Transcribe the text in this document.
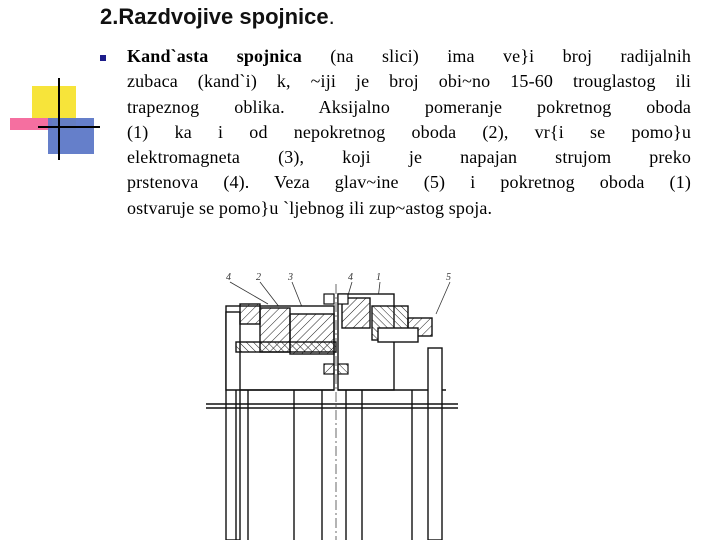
2.Razdvojive spojnice.
Kand`asta spojnica (na slici) ima ve}i broj radijalnih
zubaca (kand`i) k, ~iji je broj obi~no 15-60 trouglastog ili
trapeznog oblika. Aksijalno pomeranje pokretnog oboda
(1) ka i od nepokretnog oboda (2), vr{i se pomo}u
elektromagneta (3), koji je napajan strujom preko
prstenova (4). Veza glav~ine (5) i pokretnog oboda (1)
ostvaruje se pomo}u `ljebnog ili zup~astog spoja.
4	2	3	4 1	5
